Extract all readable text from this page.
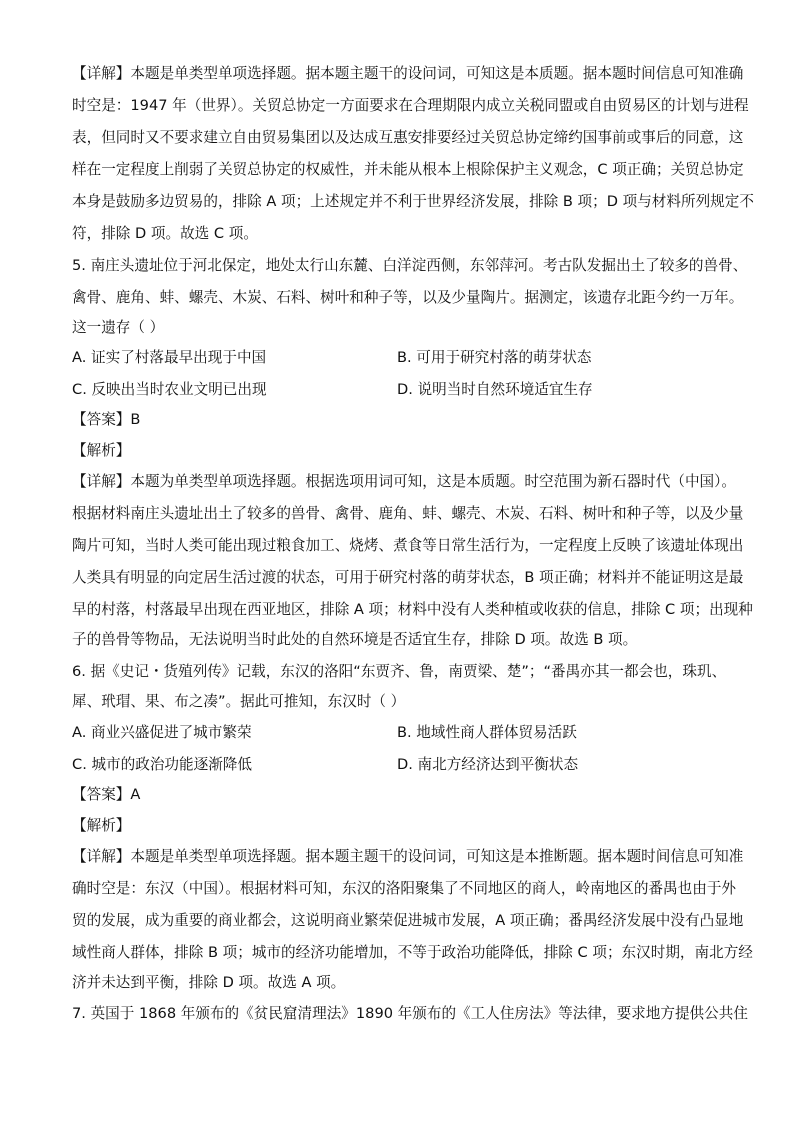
【详解】本题是单类型单项选择题。据本题主题干的设问词，可知这是本质题。据本题时间信息可知准确
时空是：1947 年（世界）。关贸总协定一方面要求在合理期限内成立关税同盟或自由贸易区的计划与进程
表，但同时又不要求建立自由贸易集团以及达成互惠安排要经过关贸总协定缔约国事前或事后的同意，这
样在一定程度上削弱了关贸总协定的权威性，并未能从根本上根除保护主义观念，C 项正确；关贸总协定
本身是鼓励多边贸易的，排除 A 项；上述规定并不利于世界经济发展，排除 B 项；D 项与材料所列规定不
符，排除 D 项。故选 C 项。
5. 南庄头遗址位于河北保定，地处太行山东麓、白洋淀西侧，东邻萍河。考古队发掘出土了较多的兽骨、
禽骨、鹿角、蚌、螺壳、木炭、石料、树叶和种子等，以及少量陶片。据测定，该遗存北距今约一万年。
这一遗存（ ）
A. 证实了村落最早出现于中国	B. 可用于研究村落的萌芽状态
C. 反映出当时农业文明已出现	D. 说明当时自然环境适宜生存
【答案】B
【解析】
【详解】本题为单类型单项选择题。根据选项用词可知，这是本质题。时空范围为新石器时代（中国）。
根据材料南庄头遗址出土了较多的兽骨、禽骨、鹿角、蚌、螺壳、木炭、石料、树叶和种子等，以及少量
陶片可知，当时人类可能出现过粮食加工、烧烤、煮食等日常生活行为，一定程度上反映了该遗址体现出
人类具有明显的向定居生活过渡的状态，可用于研究村落的萌芽状态，B 项正确；材料并不能证明这是最
早的村落，村落最早出现在西亚地区，排除 A 项；材料中没有人类种植或收获的信息，排除 C 项；出现种
子的兽骨等物品，无法说明当时此处的自然环境是否适宜生存，排除 D 项。故选 B 项。
6. 据《史记・货殖列传》记载，东汉的洛阳“东贾齐、鲁，南贾梁、楚”；“番禺亦其一都会也，珠玑、
犀、玳瑁、果、布之凑”。据此可推知，东汉时（ ）
A. 商业兴盛促进了城市繁荣	B. 地域性商人群体贸易活跃
C. 城市的政治功能逐渐降低	D. 南北方经济达到平衡状态
【答案】A
【解析】
【详解】本题是单类型单项选择题。据本题主题干的设问词，可知这是本推断题。据本题时间信息可知准
确时空是：东汉（中国）。根据材料可知，东汉的洛阳聚集了不同地区的商人，岭南地区的番禺也由于外
贸的发展，成为重要的商业都会，这说明商业繁荣促进城市发展，A 项正确；番禺经济发展中没有凸显地
域性商人群体，排除 B 项；城市的经济功能增加，不等于政治功能降低，排除 C 项；东汉时期，南北方经
济并未达到平衡，排除 D 项。故选 A 项。
7. 英国于 1868 年颁布的《贫民窟清理法》1890 年颁布的《工人住房法》等法律，要求地方提供公共住
